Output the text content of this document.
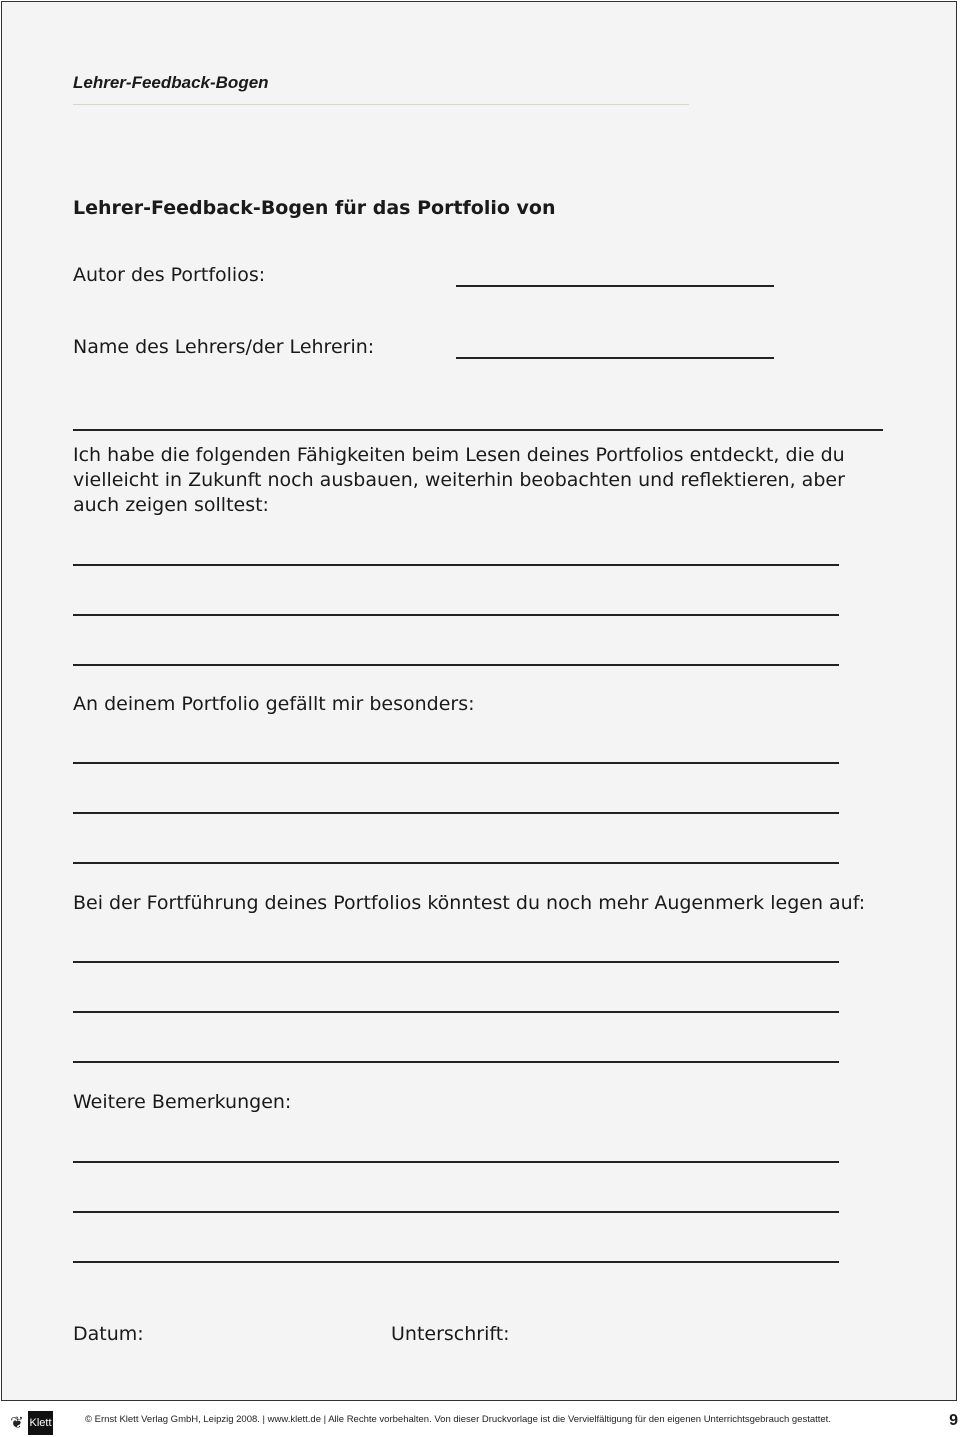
Lehrer-Feedback-Bogen
Lehrer-Feedback-Bogen für das Portfolio von
Autor des Portfolios:
Name des Lehrers/der Lehrerin:
Ich habe die folgenden Fähigkeiten beim Lesen deines Portfolios entdeckt, die du
vielleicht in Zukunft noch ausbauen, weiterhin beobachten und reflektieren, aber
auch zeigen solltest:
An deinem Portfolio gefällt mir besonders:
Bei der Fortführung deines Portfolios könntest du noch mehr Augenmerk legen auf:
Weitere Bemerkungen:
Datum:	Unterschrift:
❦ Klett	© Ernst Klett Verlag GmbH, Leipzig 2008. | www.klett.de | Alle Rechte vorbehalten. Von dieser Druckvorlage ist die Vervielfältigung für den eigenen Unterrichtsgebrauch gestattet.	9
